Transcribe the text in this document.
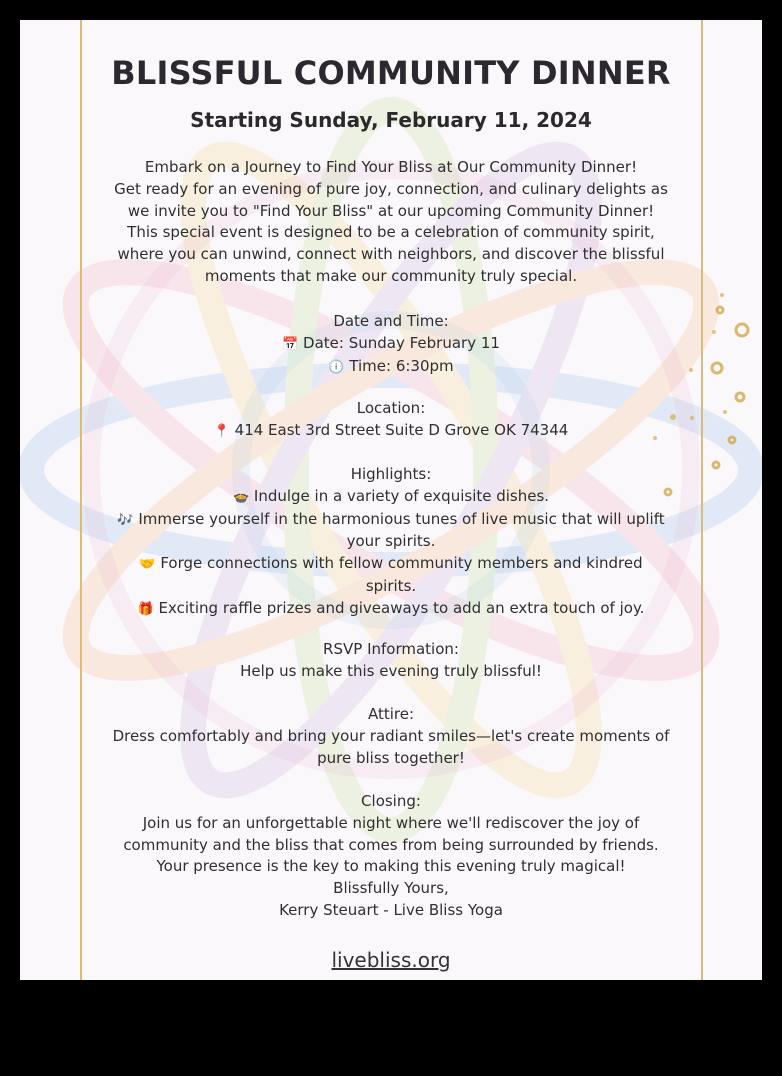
BLISSFUL COMMUNITY DINNER
Starting Sunday, February 11, 2024
Embark on a Journey to Find Your Bliss at Our Community Dinner!
Get ready for an evening of pure joy, connection, and culinary delights as
we invite you to "Find Your Bliss" at our upcoming Community Dinner!
This special event is designed to be a celebration of community spirit,
where you can unwind, connect with neighbors, and discover the blissful
moments that make our community truly special.
Date and Time:
📅 Date: Sunday February 11
🕕 Time: 6:30pm
Location:
📍 414 East 3rd Street Suite D Grove OK 74344
Highlights:
🍲 Indulge in a variety of exquisite dishes.
🎶 Immerse yourself in the harmonious tunes of live music that will uplift
your spirits.
🤝 Forge connections with fellow community members and kindred
spirits.
🎁 Exciting raffle prizes and giveaways to add an extra touch of joy.
RSVP Information:
Help us make this evening truly blissful!
Attire:
Dress comfortably and bring your radiant smiles—let's create moments of
pure bliss together!
Closing:
Join us for an unforgettable night where we'll rediscover the joy of
community and the bliss that comes from being surrounded by friends.
Your presence is the key to making this evening truly magical!
Blissfully Yours,
Kerry Steuart - Live Bliss Yoga
livebliss.org
